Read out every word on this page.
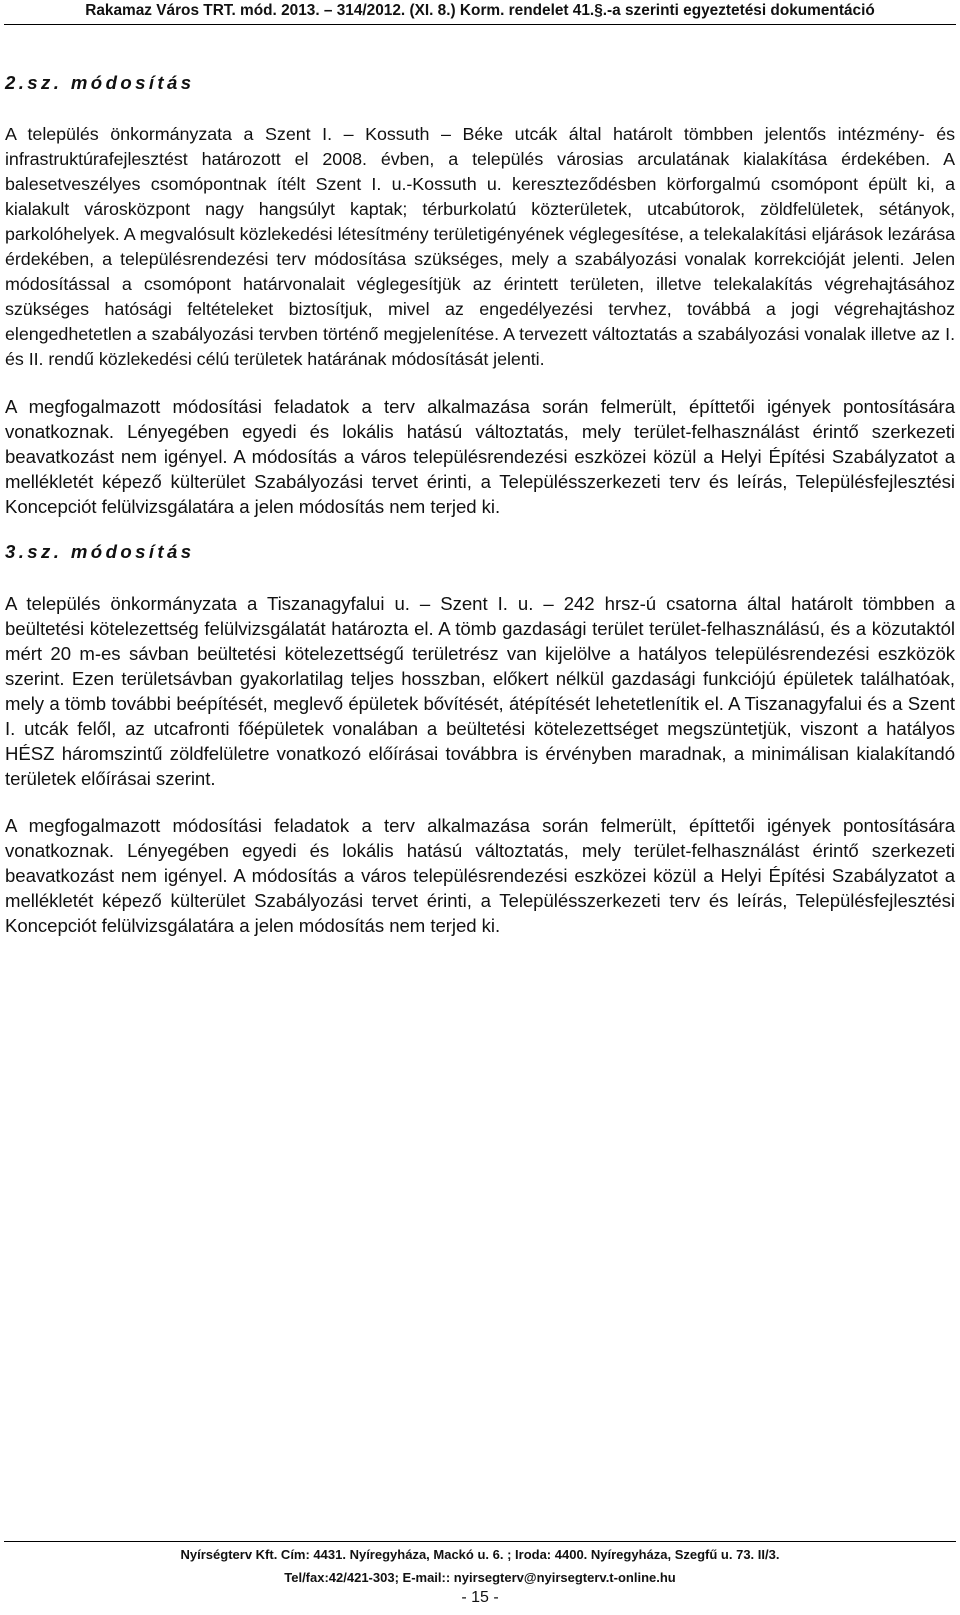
Rakamaz Város TRT. mód. 2013. – 314/2012. (XI. 8.) Korm. rendelet 41.§.-a szerinti egyeztetési dokumentáció
2.sz. módosítás

A település önkormányzata a Szent I. – Kossuth – Béke utcák által határolt tömbben jelentős intézmény- és infrastruktúrafejlesztést határozott el 2008. évben, a település városias arculatának kialakítása érdekében. A balesetveszélyes csomópontnak ítélt Szent I. u.-Kossuth u. kereszteződésben körforgalmú csomópont épült ki, a kialakult városközpont nagy hangsúlyt kaptak; térburkolatú közterületek, utcabútorok, zöldfelületek, sétányok, parkolóhelyek. A megvalósult közlekedési létesítmény területigényének véglegesítése, a telekalakítási eljárások lezárása érdekében, a településrendezési terv módosítása szükséges, mely a szabályozási vonalak korrekcióját jelenti. Jelen módosítással a csomópont határvonalait véglegesítjük az érintett területen, illetve telekalakítás végrehajtásához szükséges hatósági feltételeket biztosítjuk, mivel az engedélyezési tervhez, továbbá a jogi végrehajtáshoz elengedhetetlen a szabályozási tervben történő megjelenítése. A tervezett változtatás a szabályozási vonalak illetve az I. és II. rendű közlekedési célú területek határának módosítását jelenti.

A megfogalmazott módosítási feladatok a terv alkalmazása során felmerült, építtetői igények pontosítására vonatkoznak. Lényegében egyedi és lokális hatású változtatás, mely terület-felhasználást érintő szerkezeti beavatkozást nem igényel. A módosítás a város településrendezési eszközei közül a Helyi Építési Szabályzatot a mellékletét képező külterület Szabályozási tervet érinti, a Településszerkezeti terv és leírás, Településfejlesztési Koncepciót felülvizsgálatára a jelen módosítás nem terjed ki.

3.sz. módosítás

A település önkormányzata a Tiszanagyfalui u. – Szent I. u. – 242 hrsz-ú csatorna által határolt tömbben a beültetési kötelezettség felülvizsgálatát határozta el. A tömb gazdasági terület terület-felhasználású, és a közutaktól mért 20 m-es sávban beültetési kötelezettségű területrész van kijelölve a hatályos településrendezési eszközök szerint. Ezen területsávban gyakorlatilag teljes hosszban, előkert nélkül gazdasági funkciójú épületek találhatóak, mely a tömb további beépítését, meglevő épületek bővítését, átépítését lehetetlenítik el. A Tiszanagyfalui és a Szent I. utcák felől, az utcafronti főépületek vonalában a beültetési kötelezettséget megszüntetjük, viszont a hatályos HÉSZ háromszintű zöldfelületre vonatkozó előírásai továbbra is érvényben maradnak, a minimálisan kialakítandó területek előírásai szerint.

A megfogalmazott módosítási feladatok a terv alkalmazása során felmerült, építtetői igények pontosítására vonatkoznak. Lényegében egyedi és lokális hatású változtatás, mely terület-felhasználást érintő szerkezeti beavatkozást nem igényel. A módosítás a város településrendezési eszközei közül a Helyi Építési Szabályzatot a mellékletét képező külterület Szabályozási tervet érinti, a Településszerkezeti terv és leírás, Településfejlesztési Koncepciót felülvizsgálatára a jelen módosítás nem terjed ki.

Nyírségterv Kft. Cím: 4431. Nyíregyháza, Mackó u. 6. ; Iroda: 4400. Nyíregyháza, Szegfű u. 73. II/3.
Tel/fax:42/421-303; E-mail:: nyirsegterv@nyirsegterv.t-online.hu
- 15 -
